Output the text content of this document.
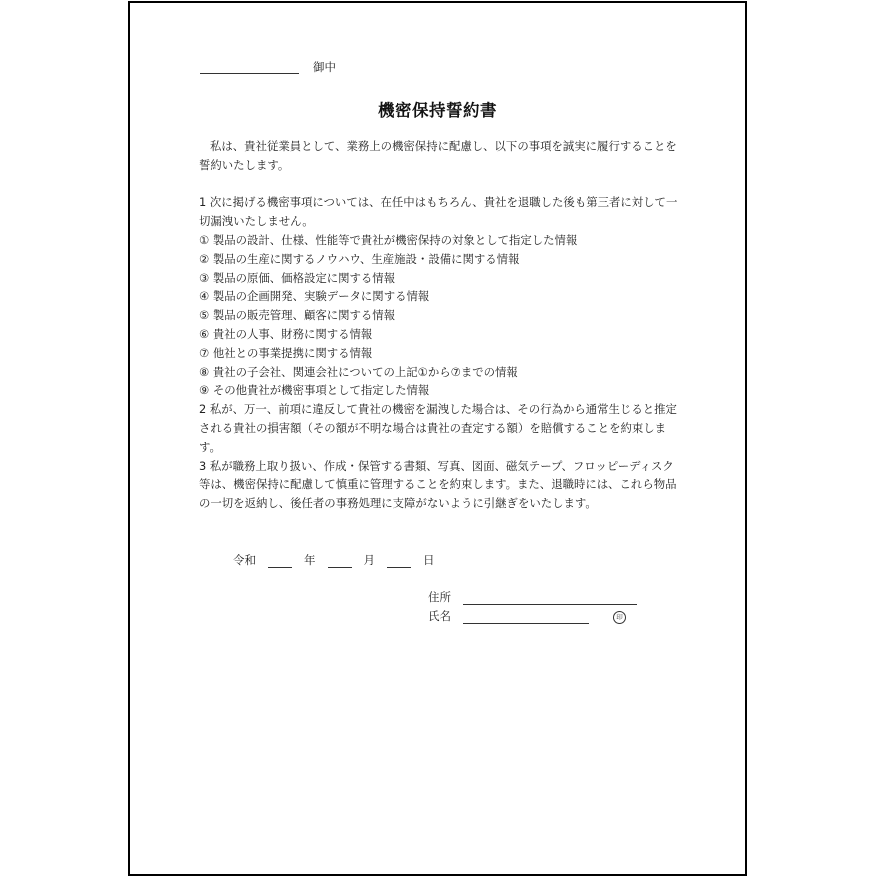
御中
機密保持誓約書

私は、貴社従業員として、業務上の機密保持に配慮し、以下の事項を誠実に履行することを誓約いたします。

1 次に掲げる機密事項については、在任中はもちろん、貴社を退職した後も第三者に対して一切漏洩いたしません。

① 製品の設計、仕様、性能等で貴社が機密保持の対象として指定した情報

② 製品の生産に関するノウハウ、生産施設・設備に関する情報

③ 製品の原価、価格設定に関する情報

④ 製品の企画開発、実験データに関する情報

⑤ 製品の販売管理、顧客に関する情報

⑥ 貴社の人事、財務に関する情報

⑦ 他社との事業提携に関する情報

⑧ 貴社の子会社、関連会社についての上記①から⑦までの情報

⑨ その他貴社が機密事項として指定した情報

2 私が、万一、前項に違反して貴社の機密を漏洩した場合は、その行為から通常生じると推定される貴社の損害額（その額が不明な場合は貴社の査定する額）を賠償することを約束します。

3 私が職務上取り扱い、作成・保管する書類、写真、図面、磁気テープ、フロッピーディスク等は、機密保持に配慮して慎重に管理することを約束します。また、退職時には、これら物品の一切を返納し、後任者の事務処理に支障がないように引継ぎをいたします。

令和	年	月	日
住所
氏名	印
